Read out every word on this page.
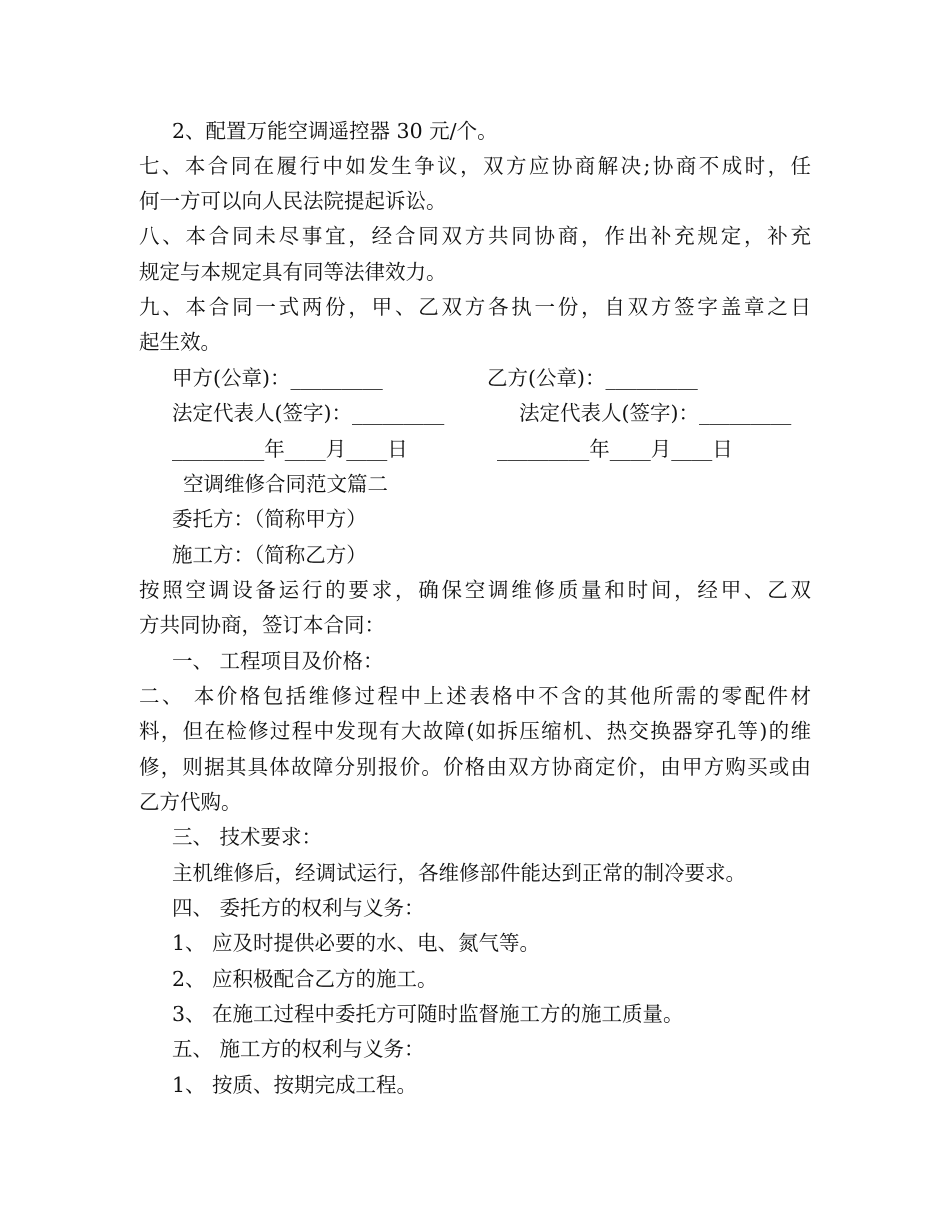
2、配置万能空调遥控器 30 元/个。
七、本合同在履行中如发生争议，双方应协商解决;协商不成时，任
何一方可以向人民法院提起诉讼。
八、本合同未尽事宜，经合同双方共同协商，作出补充规定，补充
规定与本规定具有同等法律效力。
九、本合同一式两份，甲、乙双方各执一份，自双方签字盖章之日
起生效。
甲方(公章)：_________	乙方(公章)：_________
法定代表人(签字)：_________	法定代表人(签字)：_________
_________年____月____日	_________年____月____日
空调维修合同范文篇二
委托方：（简称甲方）
施工方：（简称乙方）
按照空调设备运行的要求，确保空调维修质量和时间，经甲、乙双
方共同协商，签订本合同：
一、 工程项目及价格：
二、 本价格包括维修过程中上述表格中不含的其他所需的零配件材
料，但在检修过程中发现有大故障(如拆压缩机、热交换器穿孔等)的维
修，则据其具体故障分别报价。价格由双方协商定价，由甲方购买或由
乙方代购。
三、 技术要求：
主机维修后，经调试运行，各维修部件能达到正常的制冷要求。
四、 委托方的权利与义务：
1、 应及时提供必要的水、电、氮气等。
2、 应积极配合乙方的施工。
3、 在施工过程中委托方可随时监督施工方的施工质量。
五、 施工方的权利与义务：
1、 按质、按期完成工程。
